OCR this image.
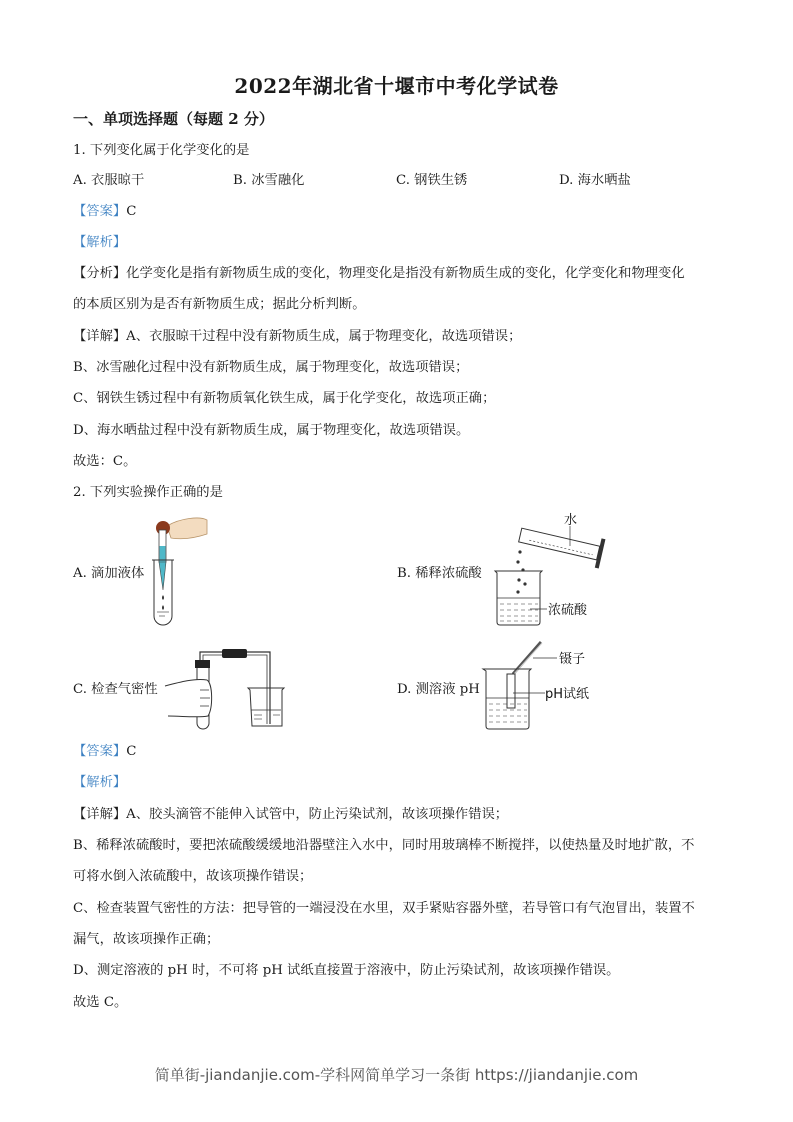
2022年湖北省十堰市中考化学试卷
一、单项选择题（每题 2 分）
1. 下列变化属于化学变化的是
A. 衣服晾干	B. 冰雪融化	C. 钢铁生锈	D. 海水晒盐
【答案】C
【解析】
【分析】化学变化是指有新物质生成的变化，物理变化是指没有新物质生成的变化，化学变化和物理变化
的本质区别为是否有新物质生成；据此分析判断。
【详解】A、衣服晾干过程中没有新物质生成，属于物理变化，故选项错误；
B、冰雪融化过程中没有新物质生成，属于物理变化，故选项错误；
C、钢铁生锈过程中有新物质氧化铁生成，属于化学变化，故选项正确；
D、海水晒盐过程中没有新物质生成，属于物理变化，故选项错误。
故选：C。
2. 下列实验操作正确的是
A. 滴加液体	B. 稀释浓硫酸
水
浓硫酸
C. 检查气密性	D. 测溶液 pH
镊子
pH试纸
【答案】C
【解析】
【详解】A、胶头滴管不能伸入试管中，防止污染试剂，故该项操作错误；
B、稀释浓硫酸时，要把浓硫酸缓缓地沿器壁注入水中，同时用玻璃棒不断搅拌，以使热量及时地扩散，不
可将水倒入浓硫酸中，故该项操作错误；
C、检查装置气密性的方法：把导管的一端浸没在水里，双手紧贴容器外壁，若导管口有气泡冒出，装置不
漏气，故该项操作正确；
D、测定溶液的 pH 时，不可将 pH 试纸直接置于溶液中，防止污染试剂，故该项操作错误。
故选 C。
简单街-jiandanjie.com-学科网简单学习一条街 https://jiandanjie.com
